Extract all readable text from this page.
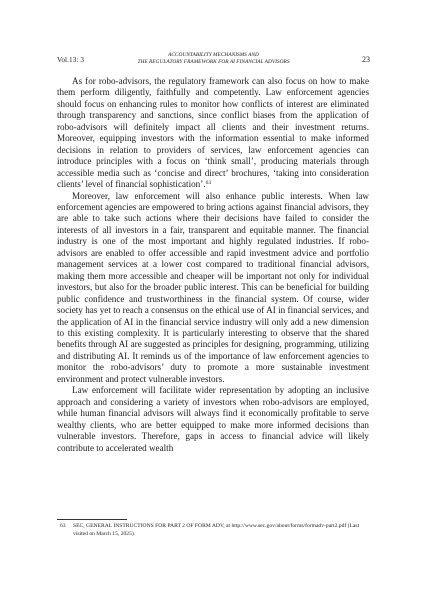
Vol.13: 3
ACCOUNTABILITY MECHANISMS AND
THE REGULATORY FRAMEWORK FOR AI FINANCIAL ADVISORS	23

As for robo-advisors, the regulatory framework can also focus on how to make them perform diligently, faithfully and competently. Law enforcement agencies should focus on enhancing rules to monitor how conflicts of interest are eliminated through transparency and sanctions, since conflict biases from the application of robo-advisors will definitely impact all clients and their investment returns. Moreover, equipping investors with the information essential to make informed decisions in relation to providers of services, law enforcement agencies can introduce principles with a focus on ‘think small’, producing materials through accessible media such as ‘concise and direct’ brochures, ‘taking into consideration clients’ level of financial sophistication’.$^{63}$

Moreover, law enforcement will also enhance public interests. When law enforcement agencies are empowered to bring actions against financial advisors, they are able to take such actions where their decisions have failed to consider the interests of all investors in a fair, transparent and equitable manner. The financial industry is one of the most important and highly regulated industries. If robo-advisors are enabled to offer accessible and rapid investment advice and portfolio management services at a lower cost compared to traditional financial advisors, making them more accessible and cheaper will be important not only for individual investors, but also for the broader public interest. This can be beneficial for building public confidence and trustworthiness in the financial system. Of course, wider society has yet to reach a consensus on the ethical use of AI in financial services, and the application of AI in the financial service industry will only add a new dimension to this existing complexity. It is particularly interesting to observe that the shared benefits through AI are suggested as principles for designing, programming, utilizing and distributing AI. It reminds us of the importance of law enforcement agencies to monitor the robo-advisors’ duty to promote a more sustainable investment environment and protect vulnerable investors.

Law enforcement will facilitate wider representation by adopting an inclusive approach and considering a variety of investors when robo-advisors are employed, while human financial advisors will always find it economically profitable to serve wealthy clients, who are better equipped to make more informed decisions than vulnerable investors. Therefore, gaps in access to financial advice will likely contribute to accelerated wealth

63	SEC, GENERAL INSTRUCTIONS FOR PART 2 OF FORM ADV, at http://www.sec.gov/about/forms/formadv-part2.pdf (Last visited on March 15, 2025).
